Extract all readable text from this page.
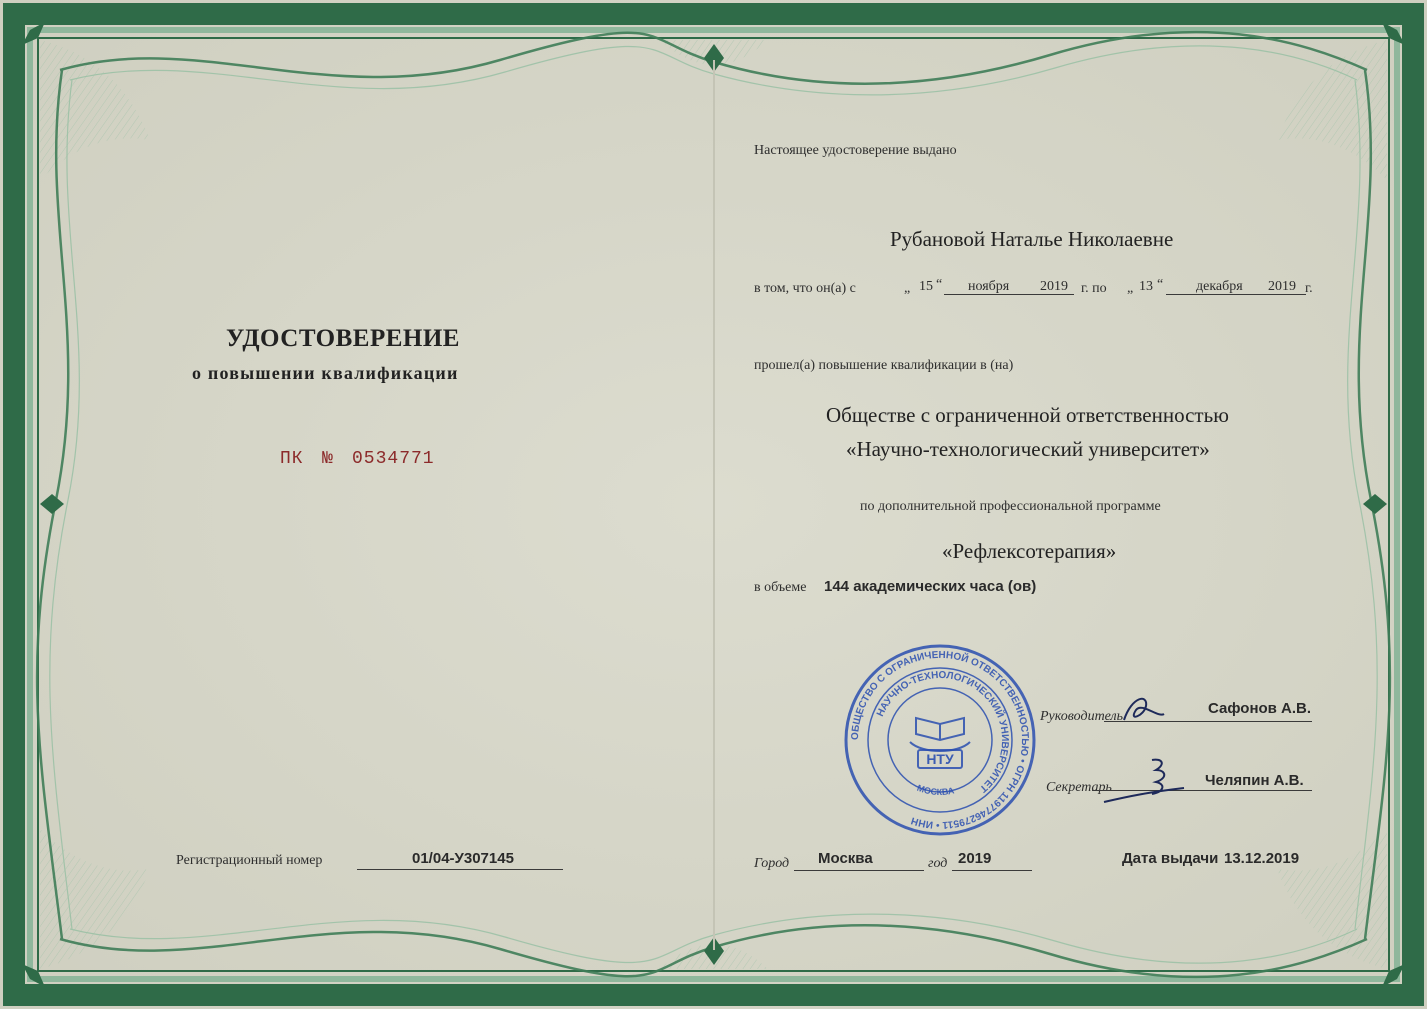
УДОСТОВЕРЕНИЕ
о повышении квалификации
ПК № 0534771
Регистрационный номер	01/04-У307145
Настоящее удостоверение выдано
Рубановой Наталье Николаевне
в том, что он(а) с	„ 15 “ ноября 2019 г. по „ 13 “ декабря 2019 г.
прошел(а) повышение квалификации в (на)
Обществе с ограниченной ответственностью
«Научно-технологический университет»
по дополнительной профессиональной программе
«Рефлексотерапия»
в объеме 144 академических часа (ов)
Руководитель	Сафонов А.В.
Секретарь	Челяпин А.В.
ОБЩЕСТВО С ОГРАНИЧЕННОЙ ОТВЕТСТВЕННОСТЬЮ • ОГРН 1197746279511 • ИНН
НАУЧНО-ТЕХНОЛОГИЧЕСКИЙ УНИВЕРСИТЕТ
МОСКВА
НТУ
Город Москва	год 2019	Дата выдачи 13.12.2019
